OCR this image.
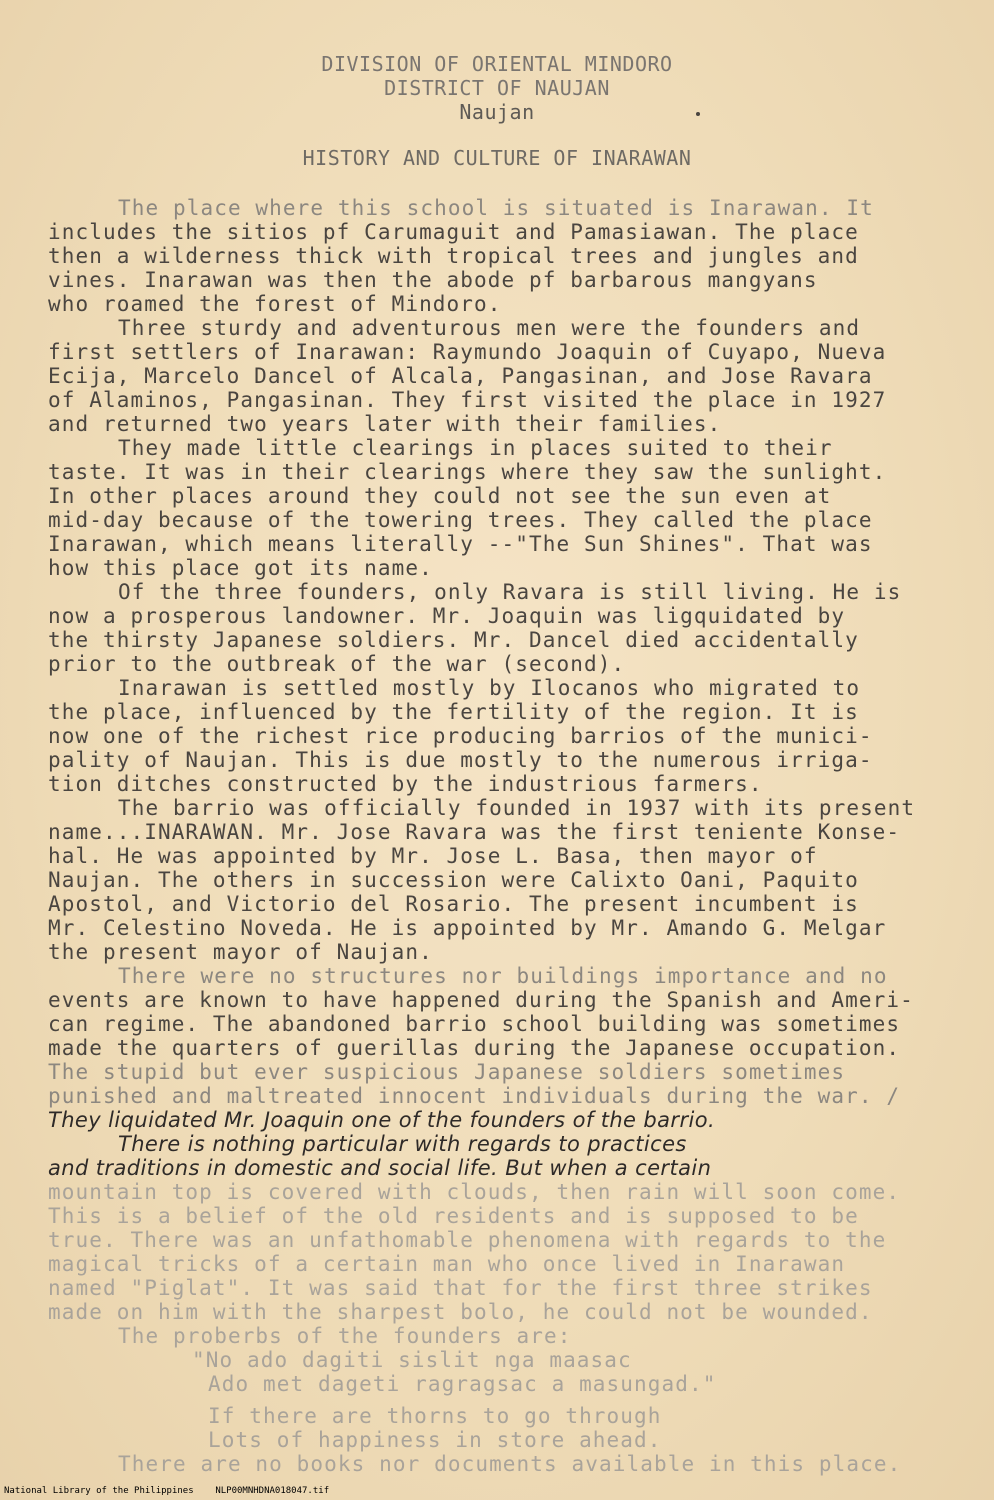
DIVISION OF ORIENTAL MINDORO
DISTRICT OF NAUJAN
Naujan
HISTORY AND CULTURE OF INARAWAN
The place where this school is situated is Inarawan. It
includes the sitios pf Carumaguit and Pamasiawan. The place
then a wilderness thick with tropical trees and jungles and
vines. Inarawan was then the abode pf barbarous mangyans
who roamed the forest of Mindoro.
Three sturdy and adventurous men were the founders and
first settlers of Inarawan: Raymundo Joaquin of Cuyapo, Nueva
Ecija, Marcelo Dancel of Alcala, Pangasinan, and Jose Ravara
of Alaminos, Pangasinan. They first visited the place in 1927
and returned two years later with their families.
They made little clearings in places suited to their
taste. It was in their clearings where they saw the sunlight.
In other places around they could not see the sun even at
mid-day because of the towering trees. They called the place
Inarawan, which means literally --"The Sun Shines". That was
how this place got its name.
Of the three founders, only Ravara is still living. He is
now a prosperous landowner. Mr. Joaquin was ligquidated by
the thirsty Japanese soldiers. Mr. Dancel died accidentally
prior to the outbreak of the war (second).
Inarawan is settled mostly by Ilocanos who migrated to
the place, influenced by the fertility of the region. It is
now one of the richest rice producing barrios of the munici-
pality of Naujan. This is due mostly to the numerous irriga-
tion ditches constructed by the industrious farmers.
The barrio was officially founded in 1937 with its present
name...INARAWAN. Mr. Jose Ravara was the first teniente Konse-
hal. He was appointed by Mr. Jose L. Basa, then mayor of
Naujan. The others in succession were Calixto Oani, Paquito
Apostol, and Victorio del Rosario. The present incumbent is
Mr. Celestino Noveda. He is appointed by Mr. Amando G. Melgar
the present mayor of Naujan.
There were no structures nor buildings importance and no
events are known to have happened during the Spanish and Ameri-
can regime. The abandoned barrio school building was sometimes
made the quarters of guerillas during the Japanese occupation.
The stupid but ever suspicious Japanese soldiers sometimes
punished and maltreated innocent individuals during the war. /
They liquidated Mr. Joaquin one of the founders of the barrio.
There is nothing particular with regards to practices
and traditions in domestic and social life. But when a certain
mountain top is covered with clouds, then rain will soon come.
This is a belief of the old residents and is supposed to be
true. There was an unfathomable phenomena with regards to the
magical tricks of a certain man who once lived in Inarawan
named "Piglat". It was said that for the first three strikes
made on him with the sharpest bolo, he could not be wounded.
The proberbs of the founders are:
"No ado dagiti sislit nga maasac
Ado met dageti ragragsac a masungad."
If there are thorns to go through
Lots of happiness in store ahead.
There are no books nor documents available in this place.
National Library of the Philippines    NLP00MNHDNA018047.tif
